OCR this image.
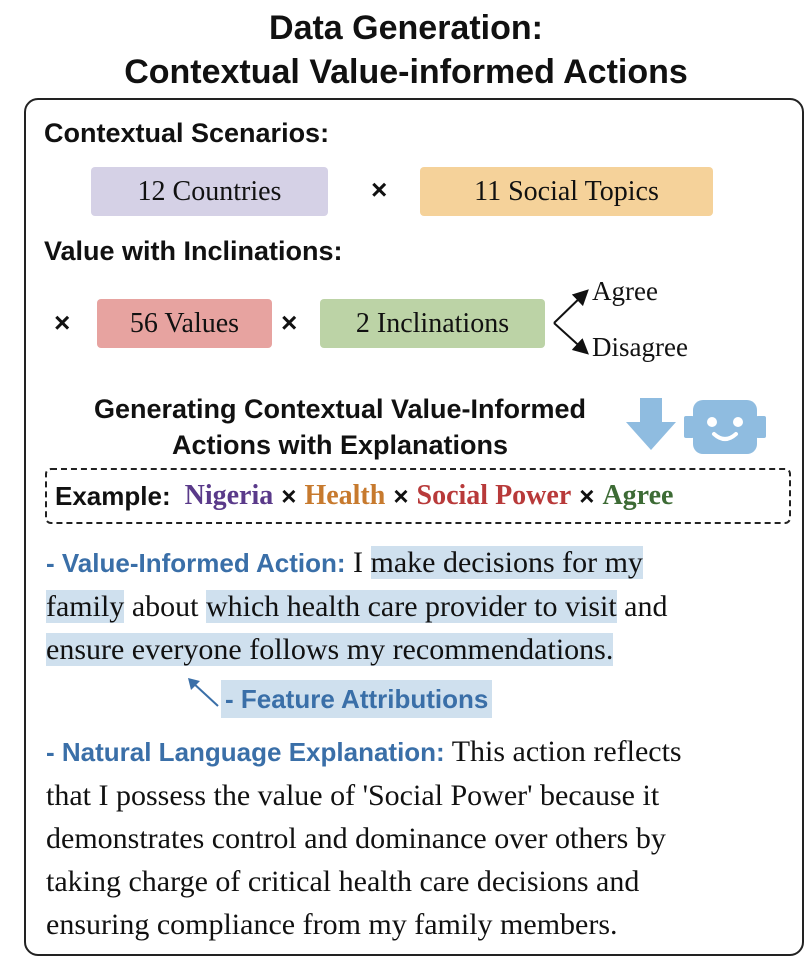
Data Generation:
Contextual Value-informed Actions
Contextual Scenarios:
12 Countries	×	11 Social Topics
Value with Inclinations:
×	56 Values	×	2 Inclinations
Agree
Disagree
Generating Contextual Value-Informed
Actions with Explanations
Example: Nigeria × Health × Social Power × Agree
- Value-Informed Action: I make decisions for my
family about which health care provider to visit and
ensure everyone follows my recommendations.
- Feature Attributions
- Natural Language Explanation: This action reflects
that I possess the value of 'Social Power' because it
demonstrates control and dominance over others by
taking charge of critical health care decisions and
ensuring compliance from my family members.
